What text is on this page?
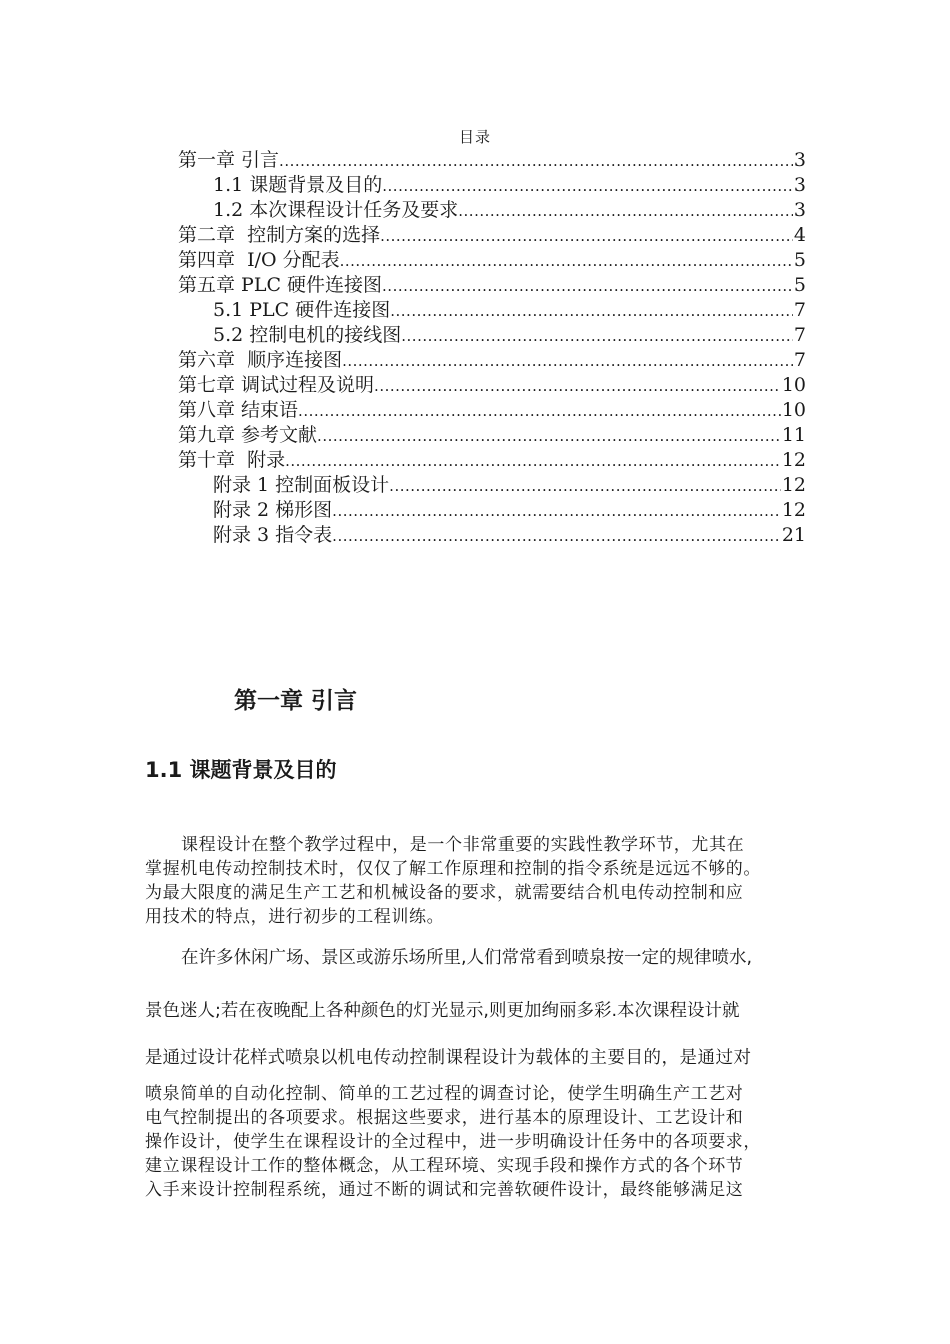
目录
第一章 引言 .....	3
1.1 课题背景及目的 .....	3
1.2 本次课程设计任务及要求 .....	3
第二章  控制方案的选择 .....	4
第四章  I/O 分配表 .....	5
第五章 PLC 硬件连接图 .....	5
5.1 PLC 硬件连接图 .....	7
5.2 控制电机的接线图 .....	7
第六章  顺序连接图 .....	7
第七章 调试过程及说明 .....	10
第八章 结束语 .....	10
第九章 参考文献 .....	11
第十章  附录 .....	12
附录 1 控制面板设计 .....	12
附录 2 梯形图 .....	12
附录 3 指令表 .....	21
第一章 引言
1.1 课题背景及目的
课程设计在整个教学过程中，是一个非常重要的实践性教学环节，尤其在
掌握机电传动控制技术时，仅仅了解工作原理和控制的指令系统是远远不够的。
为最大限度的满足生产工艺和机械设备的要求，就需要结合机电传动控制和应
用技术的特点，进行初步的工程训练。
在许多休闲广场、景区或游乐场所里,人们常常看到喷泉按一定的规律喷水,
景色迷人;若在夜晚配上各种颜色的灯光显示,则更加绚丽多彩.本次课程设计就
是通过设计花样式喷泉以机电传动控制课程设计为载体的主要目的，是通过对
喷泉简单的自动化控制、简单的工艺过程的调查讨论，使学生明确生产工艺对
电气控制提出的各项要求。根据这些要求，进行基本的原理设计、工艺设计和
操作设计，使学生在课程设计的全过程中，进一步明确设计任务中的各项要求，
建立课程设计工作的整体概念，从工程环境、实现手段和操作方式的各个环节
入手来设计控制程系统，通过不断的调试和完善软硬件设计，最终能够满足这
